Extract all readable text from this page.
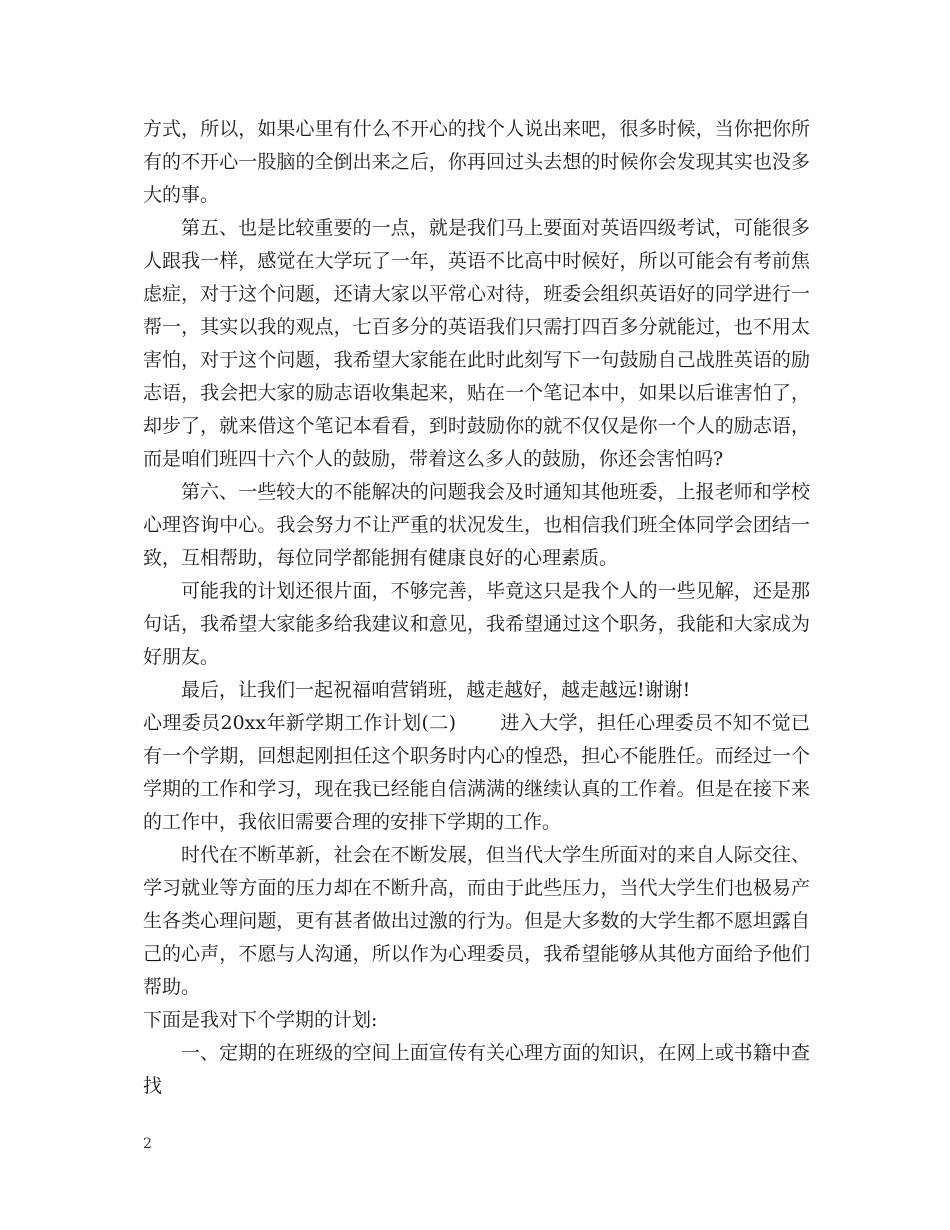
方式，所以，如果心里有什么不开心的找个人说出来吧，很多时候，当你把你所有的不开心一股脑的全倒出来之后，你再回过头去想的时候你会发现其实也没多大的事。

第五、也是比较重要的一点，就是我们马上要面对英语四级考试，可能很多人跟我一样，感觉在大学玩了一年，英语不比高中时候好，所以可能会有考前焦虑症，对于这个问题，还请大家以平常心对待，班委会组织英语好的同学进行一帮一，其实以我的观点，七百多分的英语我们只需打四百多分就能过，也不用太害怕，对于这个问题，我希望大家能在此时此刻写下一句鼓励自己战胜英语的励志语，我会把大家的励志语收集起来，贴在一个笔记本中，如果以后谁害怕了，却步了，就来借这个笔记本看看，到时鼓励你的就不仅仅是你一个人的励志语，而是咱们班四十六个人的鼓励，带着这么多人的鼓励，你还会害怕吗?

第六、一些较大的不能解决的问题我会及时通知其他班委，上报老师和学校心理咨询中心。我会努力不让严重的状况发生，也相信我们班全体同学会团结一致，互相帮助，每位同学都能拥有健康良好的心理素质。

可能我的计划还很片面，不够完善，毕竟这只是我个人的一些见解，还是那句话，我希望大家能多给我建议和意见，我希望通过这个职务，我能和大家成为好朋友。

最后，让我们一起祝福咱营销班，越走越好，越走越远!谢谢!

心理委员20xx年新学期工作计划(二) 进入大学，担任心理委员不知不觉已有一个学期，回想起刚担任这个职务时内心的惶恐，担心不能胜任。而经过一个学期的工作和学习，现在我已经能自信满满的继续认真的工作着。但是在接下来的工作中，我依旧需要合理的安排下学期的工作。

时代在不断革新，社会在不断发展，但当代大学生所面对的来自人际交往、学习就业等方面的压力却在不断升高，而由于此些压力，当代大学生们也极易产生各类心理问题，更有甚者做出过激的行为。但是大多数的大学生都不愿坦露自己的心声，不愿与人沟通，所以作为心理委员，我希望能够从其他方面给予他们帮助。

下面是我对下个学期的计划:

一、定期的在班级的空间上面宣传有关心理方面的知识，在网上或书籍中查找

2
